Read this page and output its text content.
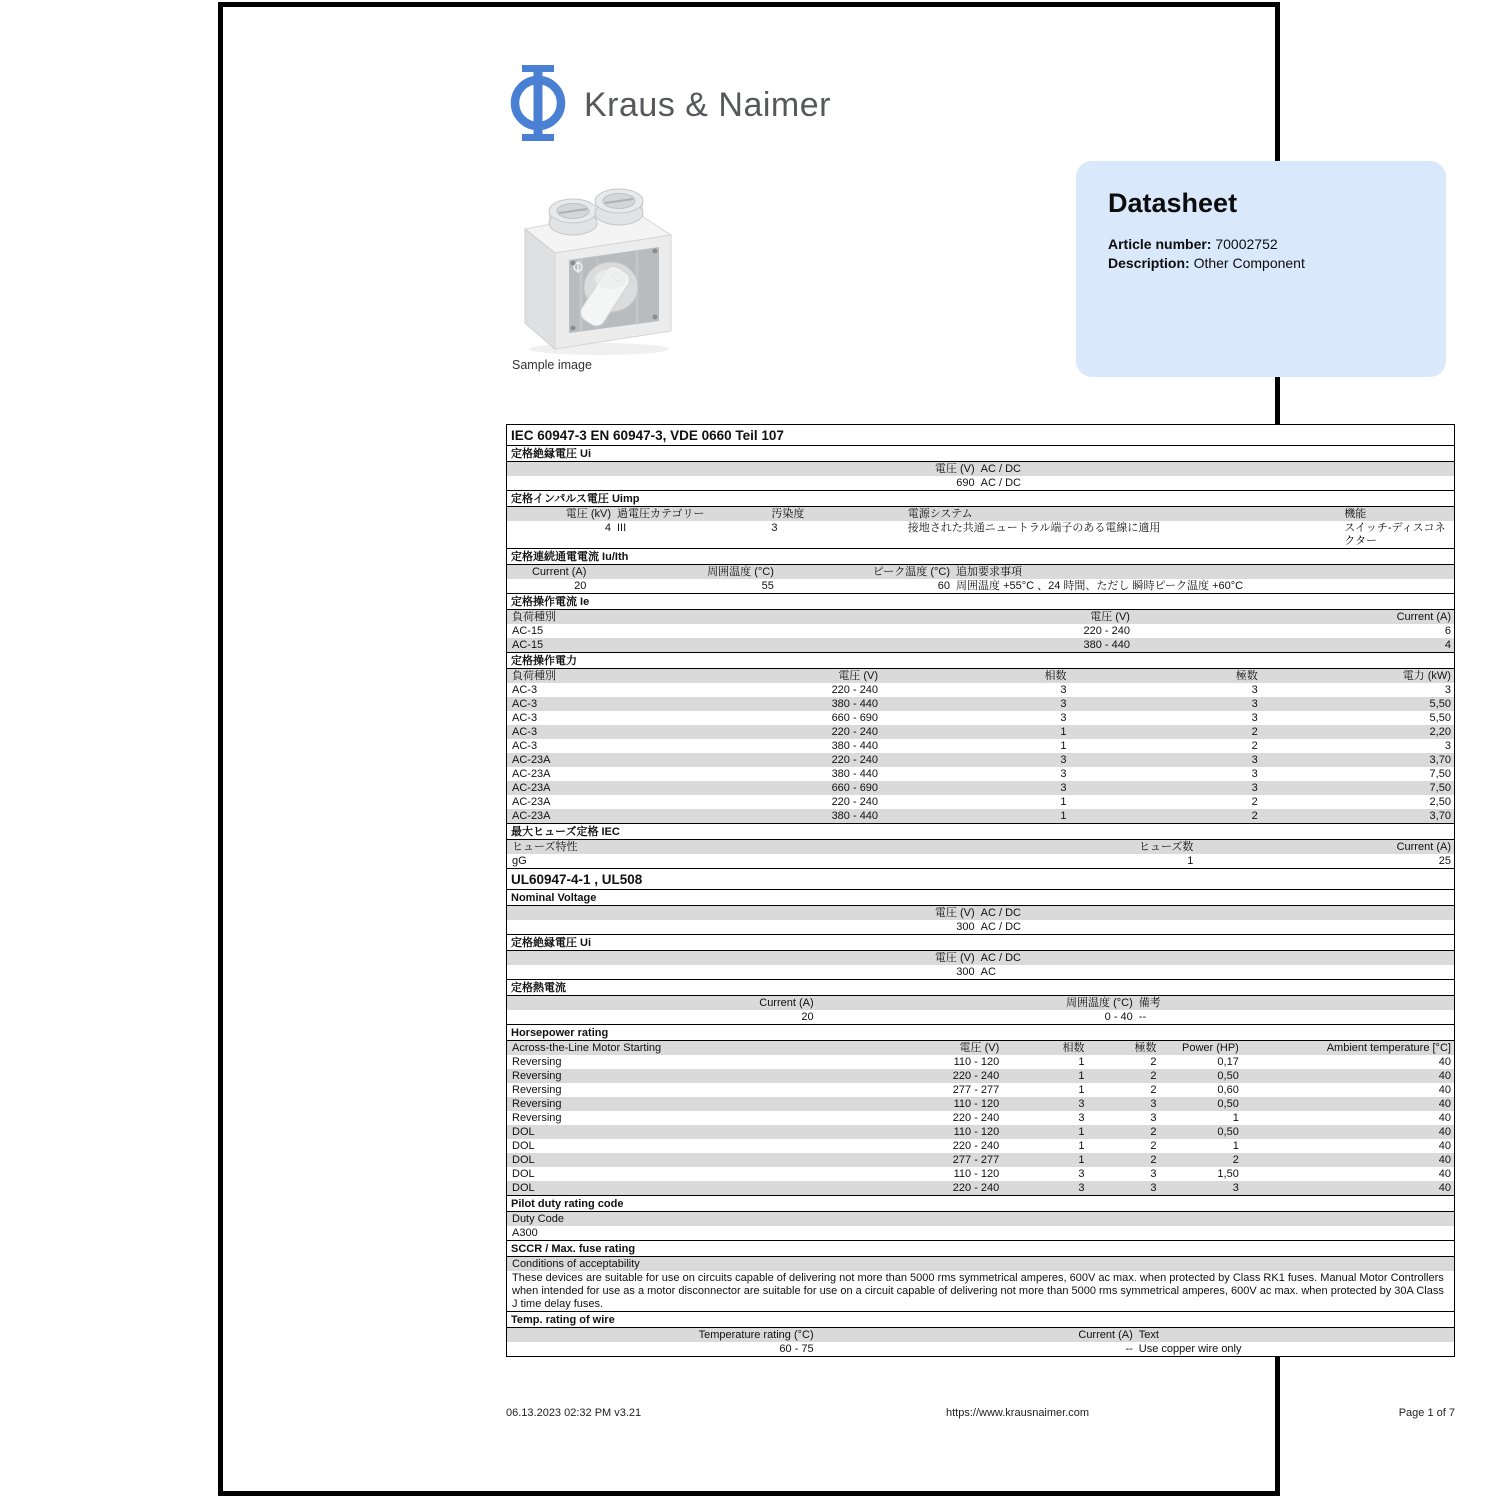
Kraus & Naimer
Sample image
Datasheet
Article number: 70002752
Description: Other Component
IEC 60947-3 EN 60947-3, VDE 0660 Teil 107
定格絶縁電圧 Ui
電圧 (V) AC / DC
690 AC / DC
定格インパルス電圧 Uimp
電圧 (kV) 過電圧カテゴリー	汚染度	電源システム	機能
4 III	3	接地された共通ニュートラル端子のある電線に適用	スイッチ-ディスコネクター
定格連続通電電流 Iu/Ith
Current (A)	周囲温度 (°C)	ピーク温度 (°C) 追加要求事項
20	55	60 周囲温度 +55°C 、24 時間、ただし 瞬時ピーク温度 +60°C
定格操作電流 Ie
負荷種別	電圧 (V)	Current (A)
AC-15	220 - 240	6
AC-15	380 - 440	4
定格操作電力
負荷種別	電圧 (V)	相数	極数	電力 (kW)
AC-3	220 - 240	3	3	3
AC-3	380 - 440	3	3	5,50
AC-3	660 - 690	3	3	5,50
AC-3	220 - 240	1	2	2,20
AC-3	380 - 440	1	2	3
AC-23A	220 - 240	3	3	3,70
AC-23A	380 - 440	3	3	7,50
AC-23A	660 - 690	3	3	7,50
AC-23A	220 - 240	1	2	2,50
AC-23A	380 - 440	1	2	3,70
最大ヒューズ定格 IEC
ヒューズ特性	ヒューズ数	Current (A)
gG	1	25
UL60947-4-1 , UL508
Nominal Voltage
電圧 (V) AC / DC
300 AC / DC
定格絶縁電圧 Ui
電圧 (V) AC / DC
300 AC
定格熱電流
Current (A)	周囲温度 (°C) 備考
20	0 - 40 --
Horsepower rating
Across-the-Line Motor Starting	電圧 (V)	相数	極数	Power (HP)	Ambient temperature [°C]
Reversing	110 - 120	1	2	0,17	40
Reversing	220 - 240	1	2	0,50	40
Reversing	277 - 277	1	2	0,60	40
Reversing	110 - 120	3	3	0,50	40
Reversing	220 - 240	3	3	1	40
DOL	110 - 120	1	2	0,50	40
DOL	220 - 240	1	2	1	40
DOL	277 - 277	1	2	2	40
DOL	110 - 120	3	3	1,50	40
DOL	220 - 240	3	3	3	40
Pilot duty rating code
Duty Code
A300
SCCR / Max. fuse rating
Conditions of acceptability
These devices are suitable for use on circuits capable of delivering not more than 5000 rms symmetrical amperes, 600V ac max. when protected by Class RK1 fuses. Manual Motor Controllers when intended for use as a motor disconnector are suitable for use on a circuit capable of delivering not more than 5000 rms symmetrical amperes, 600V ac max. when protected by 30A Class J time delay fuses.
Temp. rating of wire
Temperature rating (°C)	Current (A) Text
60 - 75	-- Use copper wire only
06.13.2023 02:32 PM v3.21	https://www.krausnaimer.com	Page 1 of 7
